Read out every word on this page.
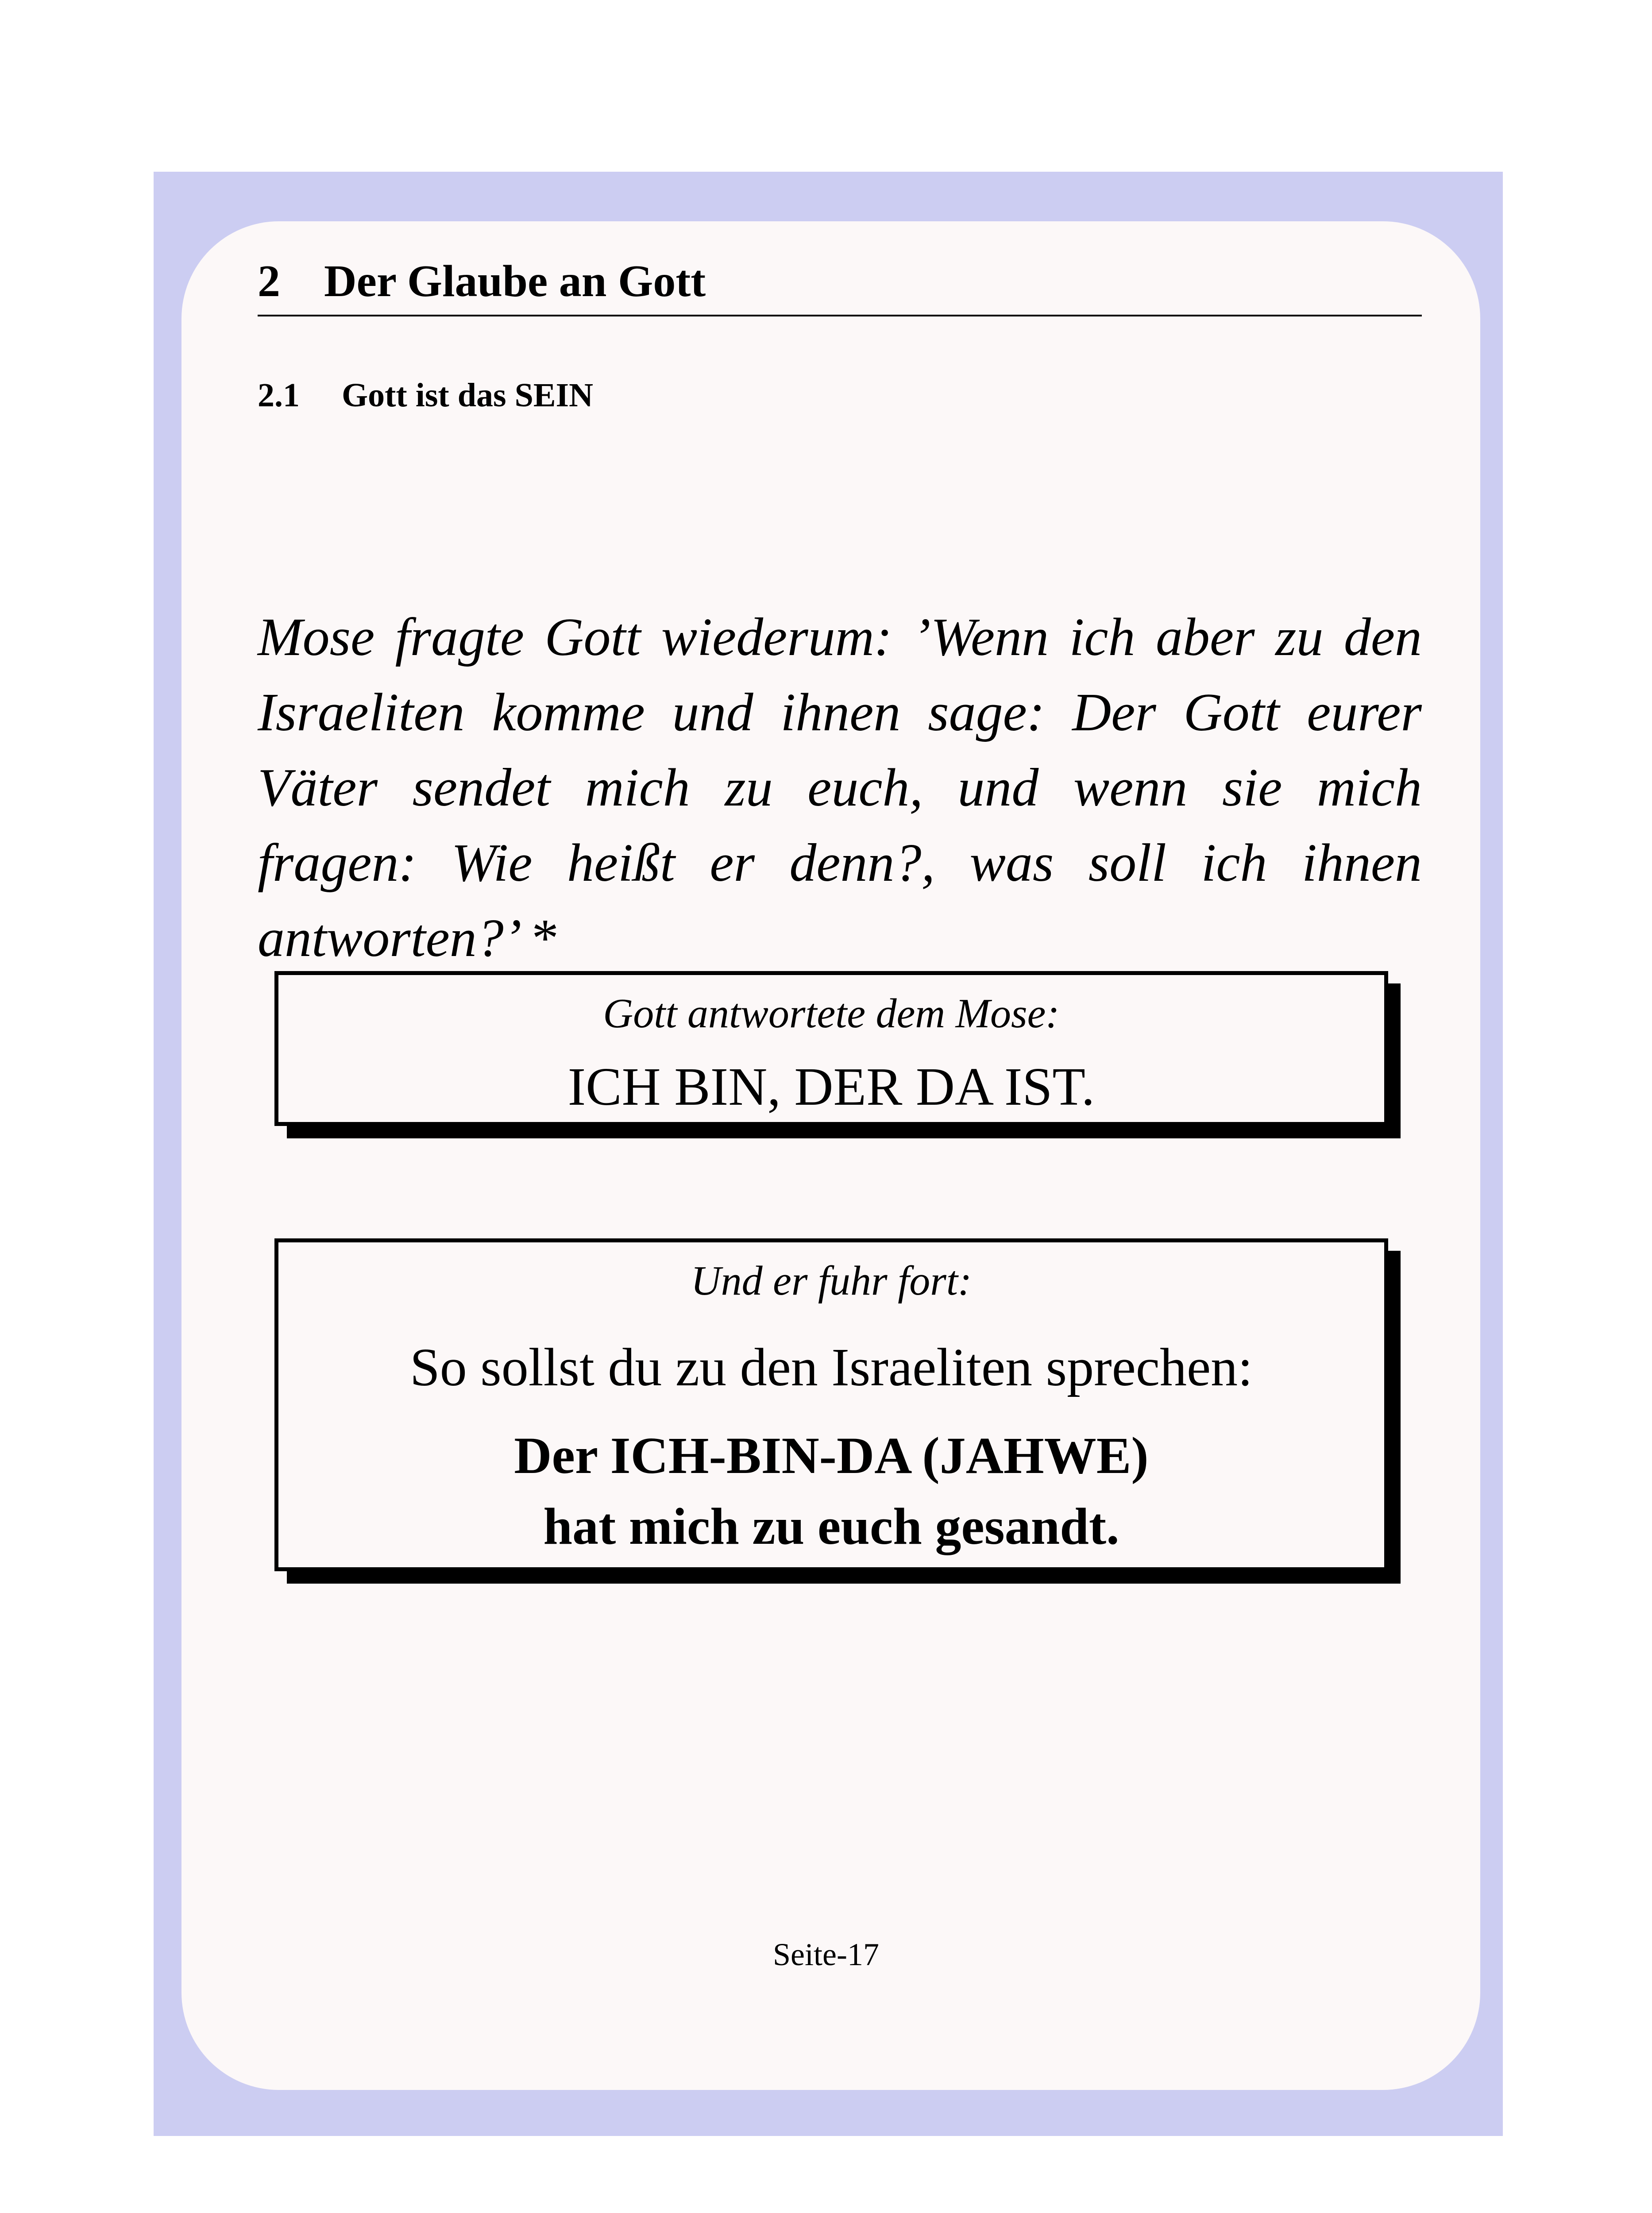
2 Der Glaube an Gott
2.1 Gott ist das SEIN
Mose fragte Gott wiederum: ’Wenn ich aber zu den Israeliten komme und ihnen sage: Der Gott eurer Väter sendet mich zu euch, und wenn sie mich fragen: Wie heißt er denn?, was soll ich ihnen antworten?’ *
Gott antwortete dem Mose:
ICH BIN, DER DA IST.
Und er fuhr fort:
So sollst du zu den Israeliten sprechen:
Der ICH-BIN-DA (JAHWE)
hat mich zu euch gesandt.
Seite-17
